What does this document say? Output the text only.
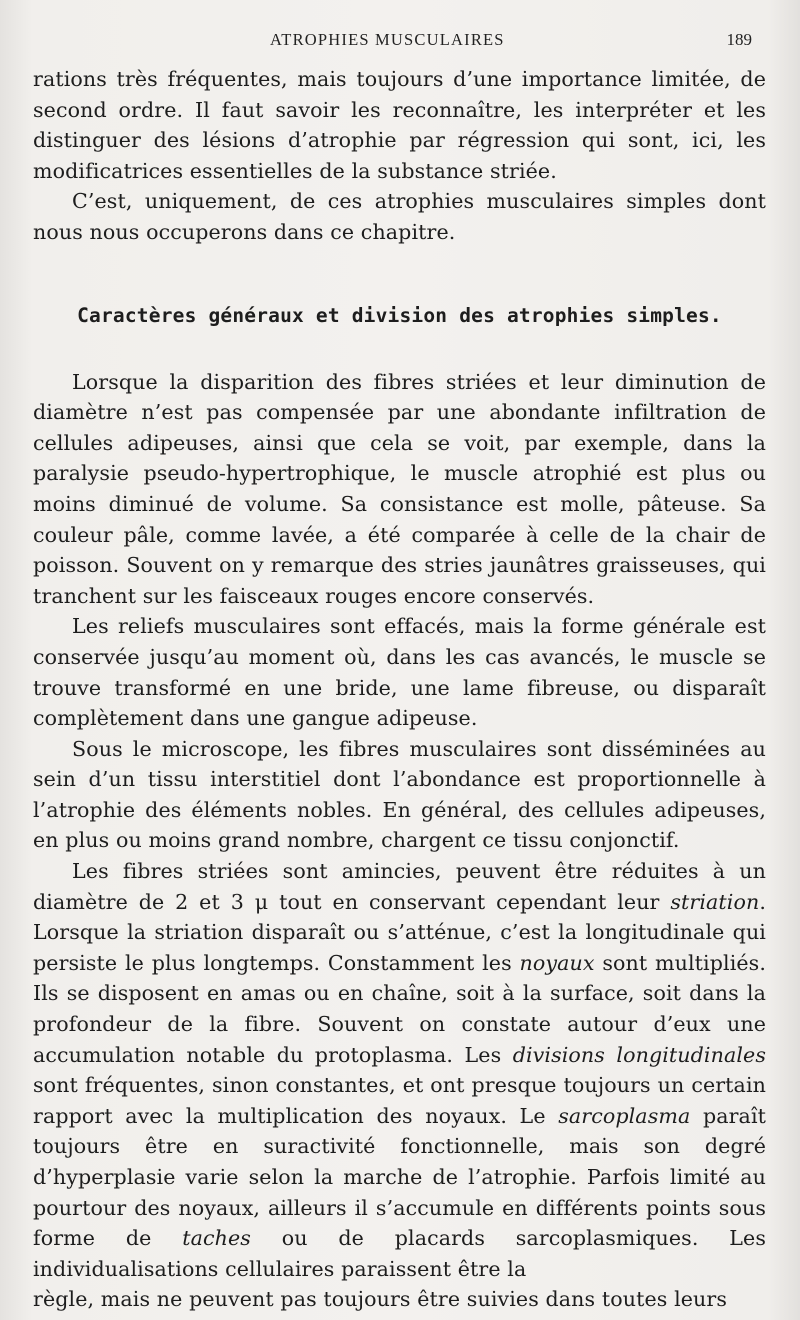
ATROPHIES MUSCULAIRES	189

rations très fréquentes, mais toujours d’une importance limitée, de second ordre. Il faut savoir les reconnaître, les interpréter et les distinguer des lésions d’atrophie par régression qui sont, ici, les modificatrices essentielles de la substance striée.

C’est, uniquement, de ces atrophies musculaires simples dont nous nous occuperons dans ce chapitre.

Caractères généraux et division des atrophies simples.

Lorsque la disparition des fibres striées et leur diminution de diamètre n’est pas compensée par une abondante infiltration de cellules adipeuses, ainsi que cela se voit, par exemple, dans la paralysie pseudo-hypertrophique, le muscle atrophié est plus ou moins diminué de volume. Sa consistance est molle, pâteuse. Sa couleur pâle, comme lavée, a été comparée à celle de la chair de poisson. Souvent on y remarque des stries jaunâtres graisseuses, qui tranchent sur les faisceaux rouges encore conservés.

Les reliefs musculaires sont effacés, mais la forme générale est conservée jusqu’au moment où, dans les cas avancés, le muscle se trouve transformé en une bride, une lame fibreuse, ou disparaît complètement dans une gangue adipeuse.

Sous le microscope, les fibres musculaires sont disséminées au sein d’un tissu interstitiel dont l’abondance est proportionnelle à l’atrophie des éléments nobles. En général, des cellules adipeuses, en plus ou moins grand nombre, chargent ce tissu conjonctif.

Les fibres striées sont amincies, peuvent être réduites à un diamètre de 2 et 3 μ tout en conservant cependant leur striation. Lorsque la striation disparaît ou s’atténue, c’est la longitudinale qui persiste le plus longtemps. Constamment les noyaux sont multipliés. Ils se disposent en amas ou en chaîne, soit à la surface, soit dans la profondeur de la fibre. Souvent on constate autour d’eux une accumulation notable du protoplasma. Les divisions longitudinales sont fréquentes, sinon constantes, et ont presque toujours un certain rapport avec la multiplication des noyaux. Le sarcoplasma paraît toujours être en suractivité fonctionnelle, mais son degré d’hyperplasie varie selon la marche de l’atrophie. Parfois limité au pourtour des noyaux, ailleurs il s’accumule en différents points sous forme de taches ou de placards sarcoplasmiques. Les individualisations cellulaires paraissent être la

règle, mais ne peuvent pas toujours être suivies dans toutes leurs
